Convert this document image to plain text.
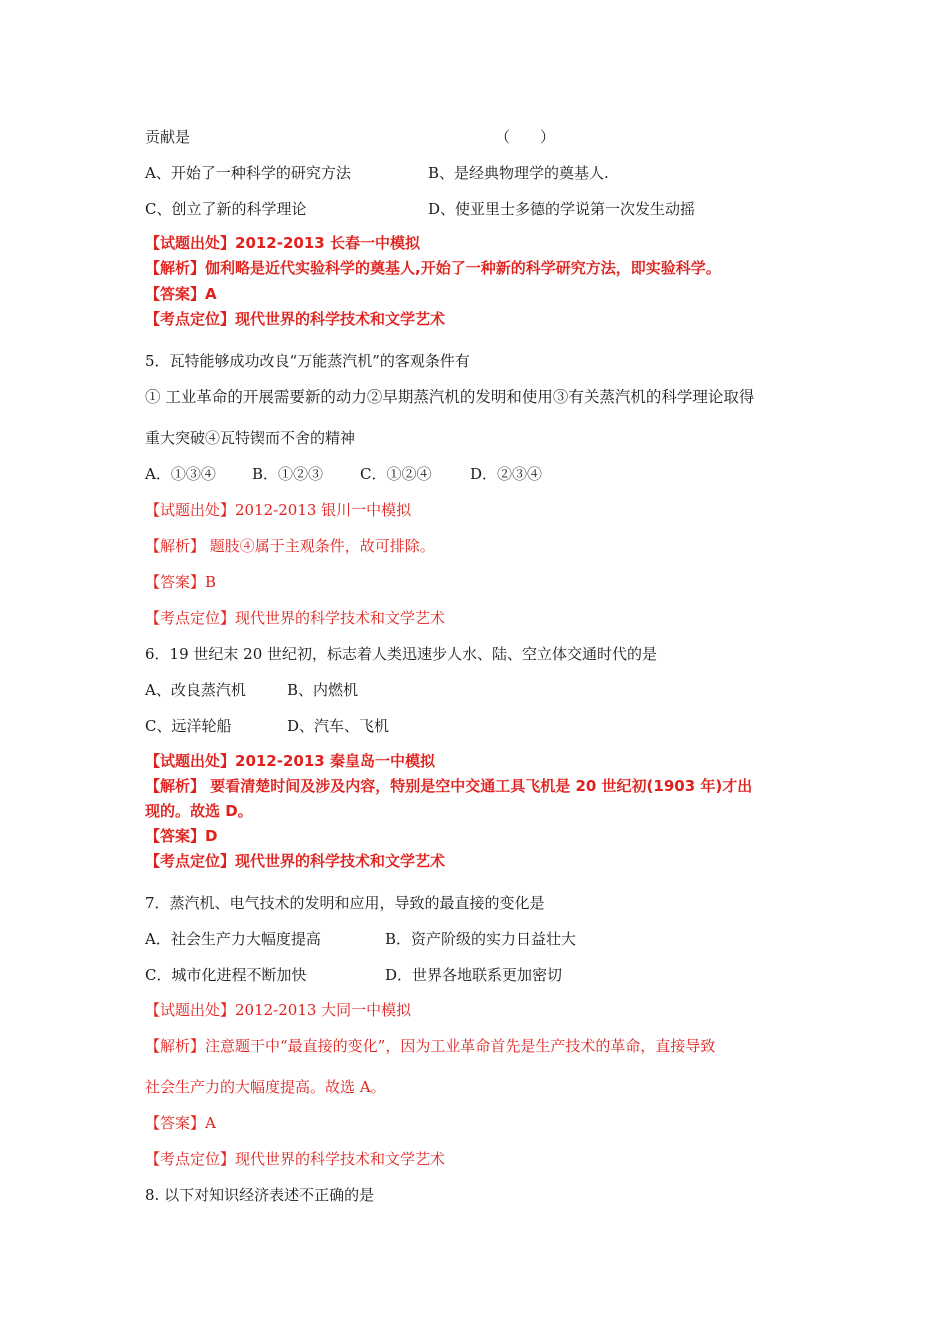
贡献是	（　　）
A、开始了一种科学的研究方法	B、是经典物理学的奠基人.
C、创立了新的科学理论	D、使亚里士多德的学说第一次发生动摇
【试题出处】2012-2013 长春一中模拟
【解析】伽利略是近代实验科学的奠基人,开始了一种新的科学研究方法，即实验科学。
【答案】A
【考点定位】现代世界的科学技术和文学艺术
5．瓦特能够成功改良“万能蒸汽机”的客观条件有
① 工业革命的开展需要新的动力②早期蒸汽机的发明和使用③有关蒸汽机的科学理论取得
重大突破④瓦特锲而不舍的精神
A．①③④ B．①②③ C．①②④	D．②③④
【试题出处】2012-2013 银川一中模拟
【解析】 题肢④属于主观条件，故可排除。
【答案】B
【考点定位】现代世界的科学技术和文学艺术
6．19 世纪末 20 世纪初，标志着人类迅速步人水、陆、空立体交通时代的是
A、改良蒸汽机	B、内燃机
C、远洋轮船	D、汽车、飞机
【试题出处】2012-2013 秦皇岛一中模拟
【解析】 要看清楚时间及涉及内容，特别是空中交通工具飞机是 20 世纪初(1903 年)才出
现的。故选 D。
【答案】D
【考点定位】现代世界的科学技术和文学艺术
7．蒸汽机、电气技术的发明和应用，导致的最直接的变化是
A．社会生产力大幅度提高	B．资产阶级的实力日益壮大
C．城市化进程不断加快	D．世界各地联系更加密切
【试题出处】2012-2013 大同一中模拟
【解析】注意题干中“最直接的变化”，因为工业革命首先是生产技术的革命，直接导致
社会生产力的大幅度提高。故选 A。
【答案】A
【考点定位】现代世界的科学技术和文学艺术
8. 以下对知识经济表述不正确的是
